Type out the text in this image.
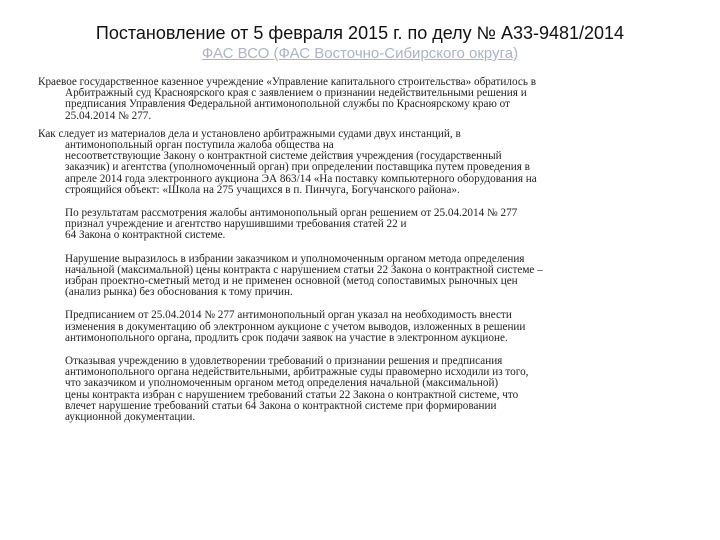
Постановление от 5 февраля 2015 г. по делу № А33-9481/2014
ФАС ВСО (ФАС Восточно-Сибирского округа)
Краевое государственное казенное учреждение «Управление капитального строительства» обратилось в
Арбитражный суд Красноярского края с заявлением о признании недействительными решения и
предписания Управления Федеральной антимонопольной службы по Красноярскому краю от
25.04.2014 № 277.
Как следует из материалов дела и установлено арбитражными судами двух инстанций, в
антимонопольный орган поступила жалоба общества на
несоответствующие Закону о контрактной системе действия учреждения (государственный
заказчик) и агентства (уполномоченный орган) при определении поставщика путем проведения в
апреле 2014 года электронного аукциона ЭА 863/14 «На поставку компьютерного оборудования на
строящийся объект: «Школа на 275 учащихся в п. Пинчуга, Богучанского района».
По результатам рассмотрения жалобы антимонопольный орган решением от 25.04.2014 № 277
признал учреждение и агентство нарушившими требования статей 22 и
64 Закона о контрактной системе.
Нарушение выразилось в избрании заказчиком и уполномоченным органом метода определения
начальной (максимальной) цены контракта с нарушением статьи 22 Закона о контрактной системе –
избран проектно-сметный метод и не применен основной (метод сопоставимых рыночных цен
(анализ рынка) без обоснования к тому причин.
Предписанием от 25.04.2014 № 277 антимонопольный орган указал на необходимость внести
изменения в документацию об электронном аукционе с учетом выводов, изложенных в решении
антимонопольного органа, продлить срок подачи заявок на участие в электронном аукционе.
Отказывая учреждению в удовлетворении требований о признании решения и предписания
антимонопольного органа недействительными, арбитражные суды правомерно исходили из того,
что заказчиком и уполномоченным органом метод определения начальной (максимальной)
цены контракта избран с нарушением требований статьи 22 Закона о контрактной системе, что
влечет нарушение требований статьи 64 Закона о контрактной системе при формировании
аукционной документации.
